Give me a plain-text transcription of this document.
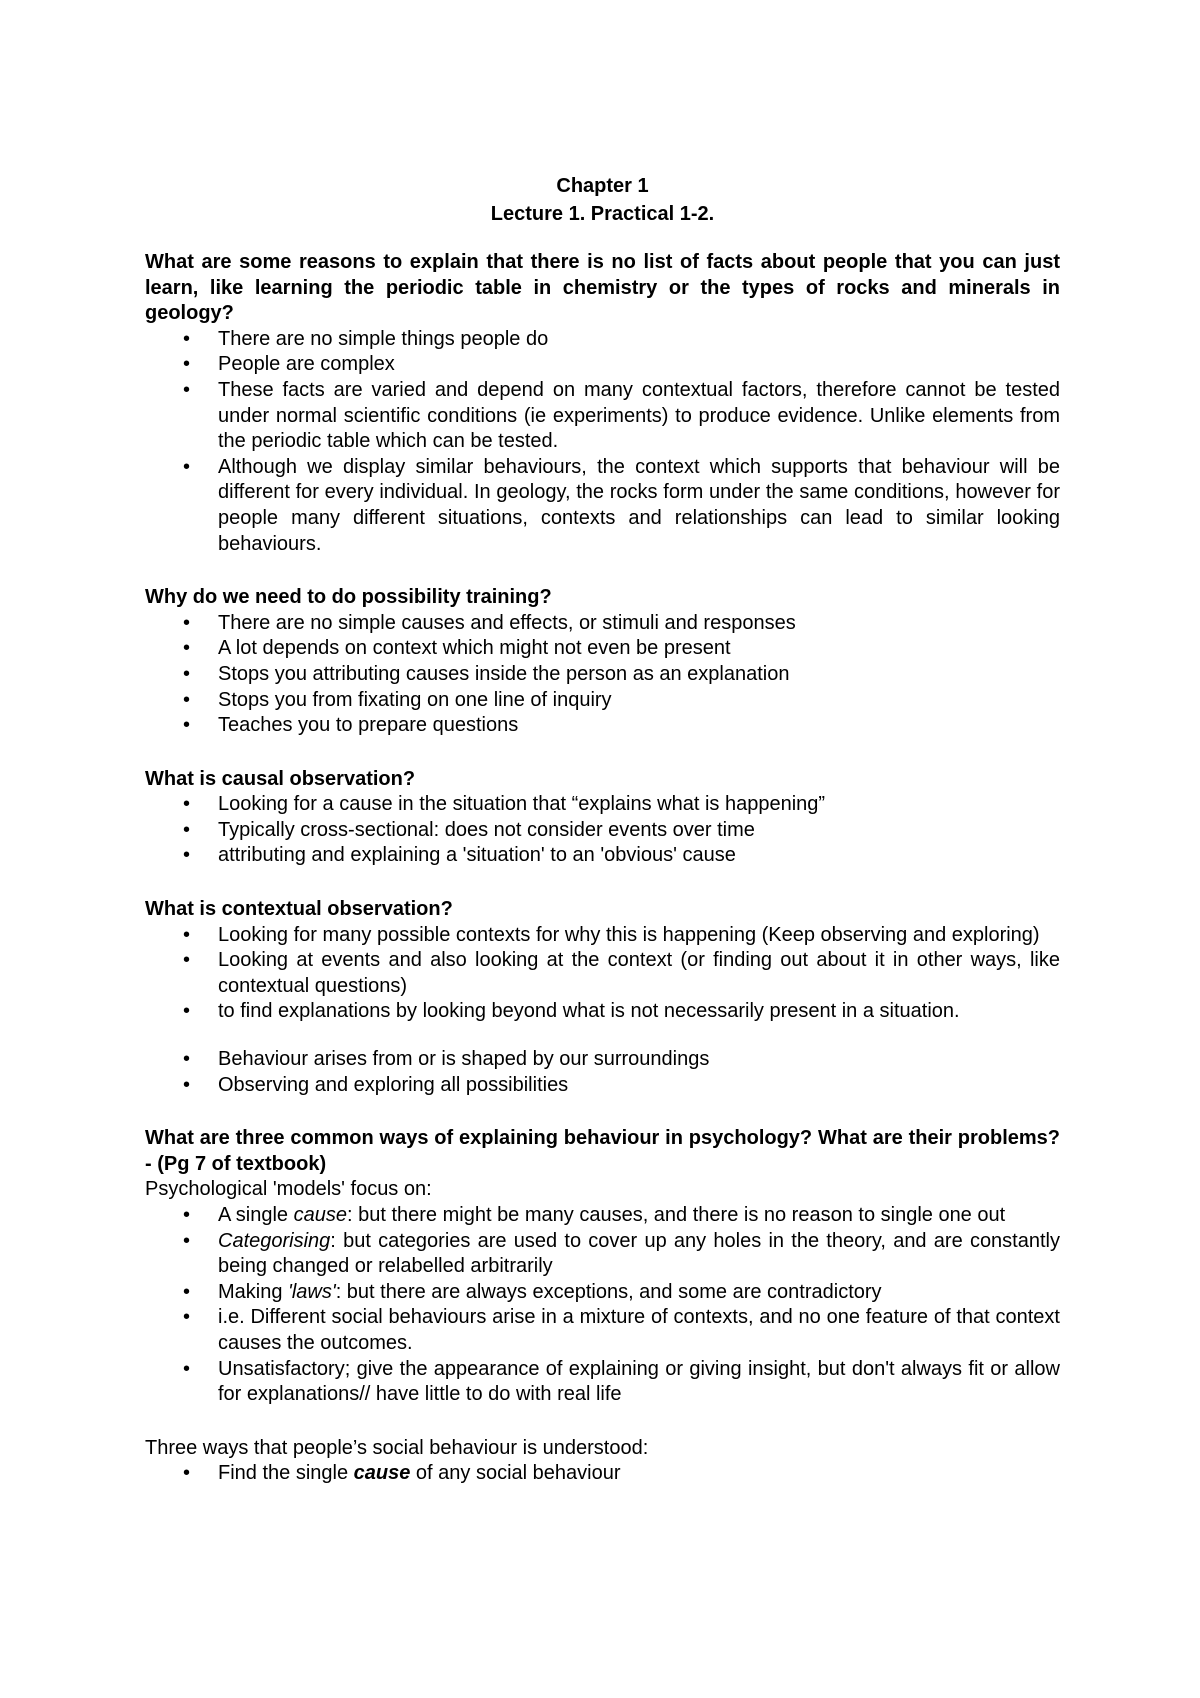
Chapter 1
Lecture 1. Practical 1-2.

What are some reasons to explain that there is no list of facts about people that you can just learn, like learning the periodic table in chemistry or the types of rocks and minerals in geology?

• There are no simple things people do
• People are complex
• These facts are varied and depend on many contextual factors, therefore cannot be tested under normal scientific conditions (ie experiments) to produce evidence. Unlike elements from the periodic table which can be tested.
• Although we display similar behaviours, the context which supports that behaviour will be different for every individual. In geology, the rocks form under the same conditions, however for people many different situations, contexts and relationships can lead to similar looking behaviours.

Why do we need to do possibility training?

• There are no simple causes and effects, or stimuli and responses
• A lot depends on context which might not even be present
• Stops you attributing causes inside the person as an explanation
• Stops you from fixating on one line of inquiry
• Teaches you to prepare questions

What is causal observation?

• Looking for a cause in the situation that “explains what is happening”
• Typically cross-sectional: does not consider events over time
• attributing and explaining a 'situation' to an 'obvious' cause

What is contextual observation?

• Looking for many possible contexts for why this is happening (Keep observing and exploring)
• Looking at events and also looking at the context (or finding out about it in other ways, like contextual questions)
• to find explanations by looking beyond what is not necessarily present in a situation.
• Behaviour arises from or is shaped by our surroundings
• Observing and exploring all possibilities

What are three common ways of explaining behaviour in psychology? What are their problems?- (Pg 7 of textbook)

Psychological 'models' focus on:

• A single cause: but there might be many causes, and there is no reason to single one out
• Categorising: but categories are used to cover up any holes in the theory, and are constantly being changed or relabelled arbitrarily
• Making 'laws': but there are always exceptions, and some are contradictory
• i.e. Different social behaviours arise in a mixture of contexts, and no one feature of that context causes the outcomes.
• Unsatisfactory; give the appearance of explaining or giving insight, but don't always fit or allow for explanations// have little to do with real life

Three ways that people’s social behaviour is understood:

• Find the single cause of any social behaviour
